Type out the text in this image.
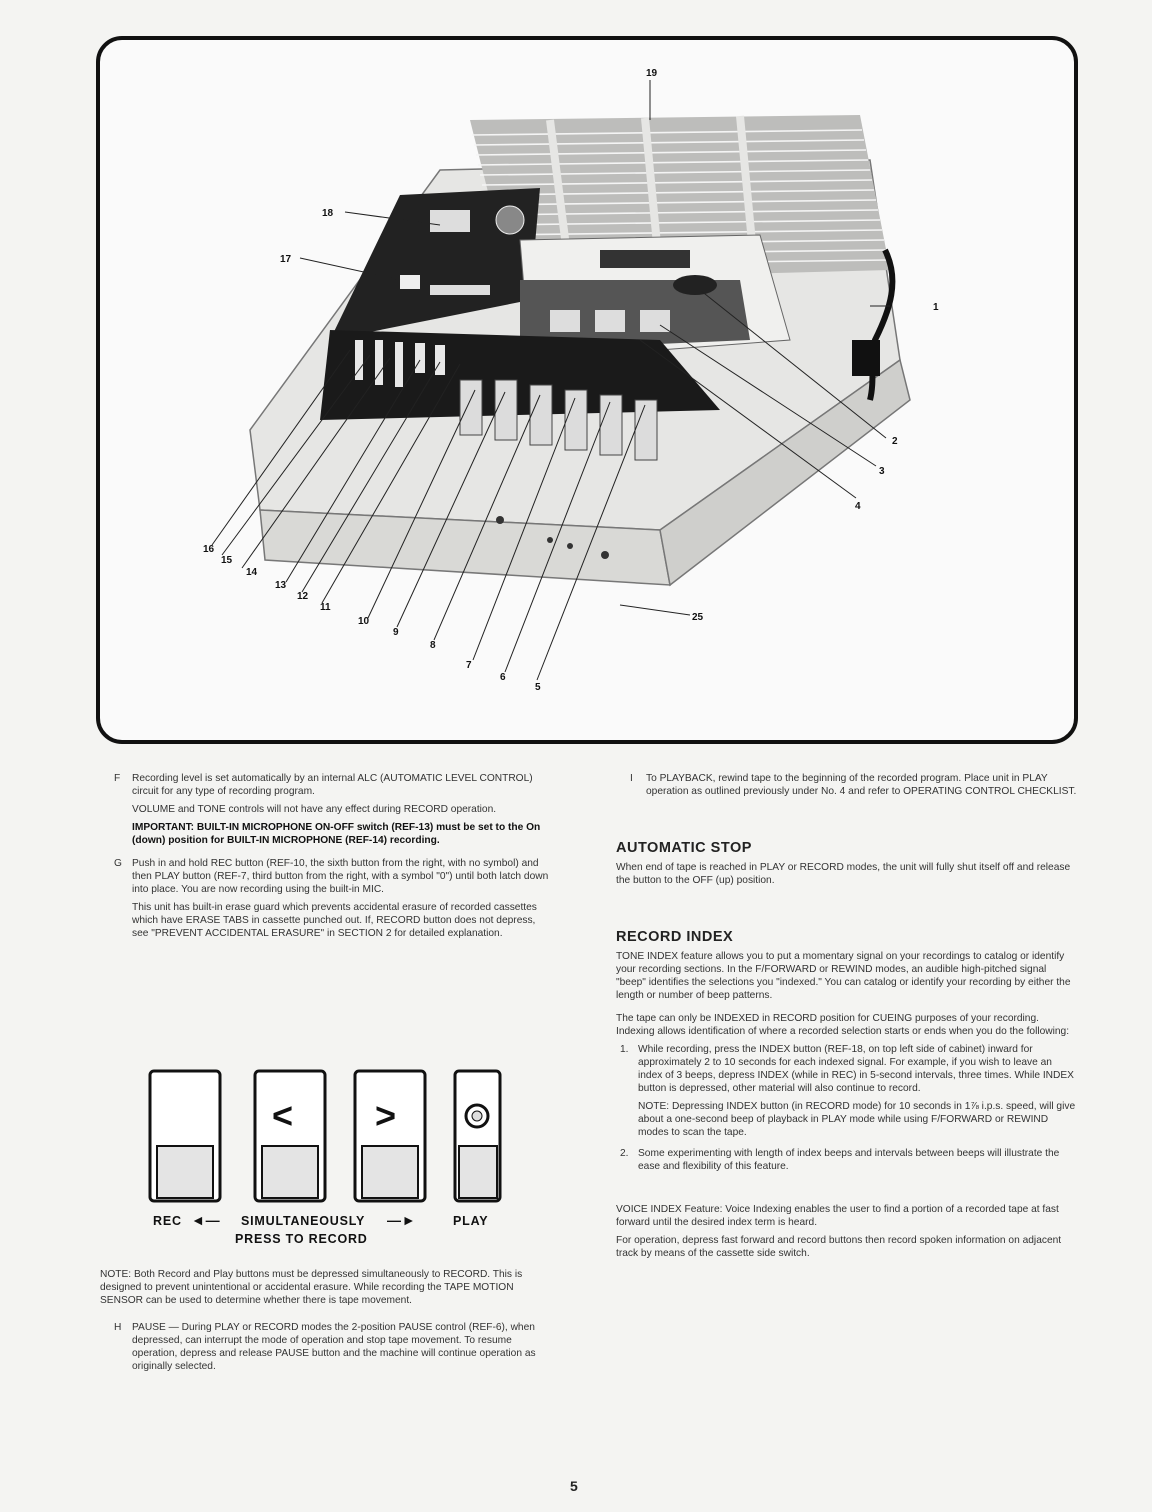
19
18
17
1
2
3
4
16
15
14
13
12
11
10
9
8
7
6
5
25
F Recording level is set automatically by an internal ALC (AUTOMATIC LEVEL CONTROL) circuit for any type of recording program.

VOLUME and TONE controls will not have any effect during RECORD operation.

IMPORTANT: BUILT-IN MICROPHONE ON-OFF switch (REF-13) must be set to the On (down) position for BUILT-IN MICROPHONE (REF-14) recording.

G Push in and hold REC button (REF-10, the sixth button from the right, with no symbol) and then PLAY button (REF-7, third button from the right, with a symbol "0") until both latch down into place. You are now recording using the built-in MIC.

This unit has built-in erase guard which prevents accidental erasure of recorded cassettes which have ERASE TABS in cassette punched out. If, RECORD button does not depress, see "PREVENT ACCIDENTAL ERASURE" in SECTION 2 for detailed explanation.

< >
REC ◄— SIMULTANEOUSLY —►	PLAY
PRESS TO RECORD

NOTE: Both Record and Play buttons must be depressed simultaneously to RECORD. This is designed to prevent unintentional or accidental erasure. While recording the TAPE MOTION SENSOR can be used to determine whether there is tape movement.

H PAUSE — During PLAY or RECORD modes the 2-position PAUSE control (REF-6), when depressed, can interrupt the mode of operation and stop tape movement. To resume operation, depress and release PAUSE button and the machine will continue operation as originally selected.

I To PLAYBACK, rewind tape to the beginning of the recorded program. Place unit in PLAY operation as outlined previously under No. 4 and refer to OPERATING CONTROL CHECKLIST.

AUTOMATIC STOP

When end of tape is reached in PLAY or RECORD modes, the unit will fully shut itself off and release the button to the OFF (up) position.

RECORD INDEX

TONE INDEX feature allows you to put a momentary signal on your recordings to catalog or identify your recording sections. In the F/FORWARD or REWIND modes, an audible high-pitched signal "beep" identifies the selections you "indexed." You can catalog or identify your recording by either the length or number of beep patterns.

The tape can only be INDEXED in RECORD position for CUEING purposes of your recording. Indexing allows identification of where a recorded selection starts or ends when you do the following:

1. While recording, press the INDEX button (REF-18, on top left side of cabinet) inward for approximately 2 to 10 seconds for each indexed signal. For example, if you wish to leave an index of 3 beeps, depress INDEX (while in REC) in 5-second intervals, three times. While INDEX button is depressed, other material will also continue to record.

NOTE: Depressing INDEX button (in RECORD mode) for 10 seconds in 1⅞ i.p.s. speed, will give about a one-second beep of playback in PLAY mode while using F/FORWARD or REWIND modes to scan the tape.

2. Some experimenting with length of index beeps and intervals between beeps will illustrate the ease and flexibility of this feature.

VOICE INDEX Feature: Voice Indexing enables the user to find a portion of a recorded tape at fast forward until the desired index term is heard.

For operation, depress fast forward and record buttons then record spoken information on adjacent track by means of the cassette side switch.

5
